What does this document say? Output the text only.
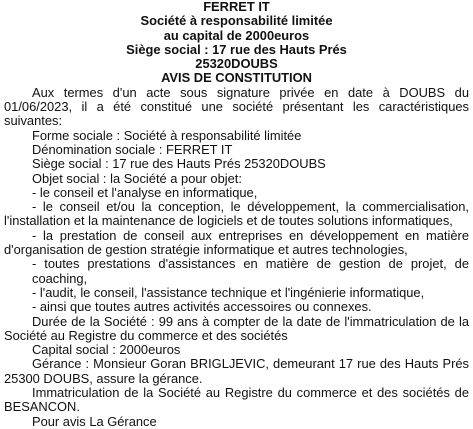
FERRET IT
Société à responsabilité limitée
au capital de 2000euros
Siège social : 17 rue des Hauts Prés
25320DOUBS
AVIS DE CONSTITUTION
Aux termes d'un acte sous signature privée en date à DOUBS du 01/06/2023, il a été constitué une société présentant les caractéristiques suivantes:
Forme sociale : Société à responsabilité limitée
Dénomination sociale : FERRET IT
Siège social : 17 rue des Hauts Prés 25320DOUBS
Objet social : la Société a pour objet:
- le conseil et l'analyse en informatique,
- le conseil et/ou la conception, le développement, la commercialisation, l'installation et la maintenance de logiciels et de toutes solutions informatiques,
- la prestation de conseil aux entreprises en développement en matière d'organisation de gestion stratégie informatique et autres technologies,
- toutes prestations d'assistances en matière de gestion de projet, de coaching,
- l'audit, le conseil, l'assistance technique et l'ingénierie informatique,
- ainsi que toutes autres activités accessoires ou connexes.
Durée de la Société : 99 ans à compter de la date de l'immatriculation de la Société au Registre du commerce et des sociétés
Capital social : 2000euros
Gérance : Monsieur Goran BRIGLJEVIC, demeurant 17 rue des Hauts Prés 25300 DOUBS, assure la gérance.
Immatriculation de la Société au Registre du commerce et des sociétés de BESANCON.
Pour avis La Gérance
